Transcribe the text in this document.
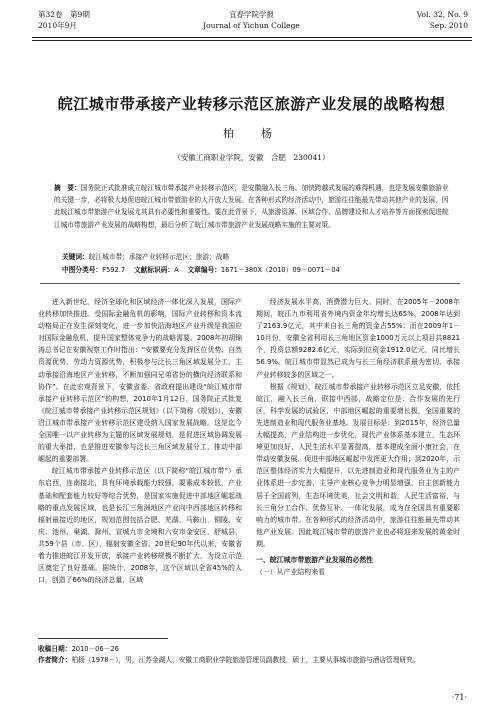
第32卷　第9期
2010年9月
宜春学院学报
Journal of Yichun College
Vol. 32, No. 9
Sep. 2010
皖江城市带承接产业转移示范区旅游产业发展的战略构想
柏　杨
（安徽工商职业学院，安徽　合肥　230041）
摘　要：国务院正式批准成立皖江城市带承接产业转移示范区，是安徽融入长三角、加快跨越式发展的难得机遇，也是发展安徽旅游业的关键一步，必将极大地促进皖江城市带旅游业的大开放大发展。在各种形式的经济活动中，旅游往往能最先带动其他产业的发展，因此皖江城市带旅游产业发展尤其具有必要性和重要性。要在此背景下，从旅游资源、区域合作、品牌建设和人才培养等方面探索促进皖江城市带旅游产业发展的战略构想，最后分析了皖江城市带旅游产业发展战略实施的主要对策。
关键词：皖江城市带；承接产业转移示范区；旅游；战略
中图分类号：F592.7　 文献标识码：A　 文章编号：1671－380X（2010）09－0071－04

进入新世纪，经济全球化和区域经济一体化深入发展，国际产业转移加快推进。受国际金融危机的影响，国际产业转移和资本流动格局正在发生深刻变化，进一步加快沿海地区产业升级是我国应对国际金融危机，提升国家整体竞争力的战略需要。2008年初胡锦涛总书记在安徽视察工作时指出：“安徽要充分发挥区位优势、自然资源优势、劳动力资源优势，积极参与泛长三角区域发展分工，主动承接沿海地区产业转移，不断加强同兄弟省份的横向经济联系和协作”。在此宏观背景下，安徽省委、省政府提出建设“皖江城市带承接产业转移示范区”的构想，2010年1月12日，国务院正式批复《皖江城市带承接产业转移示范区规划》（以下简称《规划》），安徽沿江城市带承接产业转移示范区建设纳入国家发展战略。这是迄今全国唯一以产业转移为主题的区域发展规划，是促进区域协调发展的重大举措，也是推进安徽参与泛长三角区域发展分工，推动中部崛起的重要部署。

皖江城市带承接产业转移示范区（以下简称“皖江城市带”）承东启西，连南接北，具有环境承载能力较强，要素成本较低，产业基础和配套能力较好等综合优势，是国家实施促进中部地区崛起战略的重点发展区域，也是长江三角洲地区产业向中西部地区转移和辐射最接近的地区，规划范围包括合肥、芜湖、马鞍山、铜陵、安庆、池州、巢湖、滁州、宣城九市全境和六安市金安区、舒城县，共59个县（市、区），辐射安徽全省。20世纪90年代以来，安徽省着力推进皖江开发开放，承接产业转移规模不断扩大，为设立示范区奠定了良好基础。据统计，2008年，这个区域以全省45%的人口，创造了66%的经济总量，区域

经济发展水平高，消费潜力巨大。同时，在2005年－2008年期间，皖江九市利用省外境内资金年均增长达65%，2008年达到了2163.9亿元，其中来自长三角的资金占55%；而在2009年1－10月份，安徽全省利用长三角地区资金1000万元以上项目共8821个，投资总额9282.6亿元，实际到位资金1912.0亿元，同比增长56.9%。皖江城市带显然已成为与长三角经济联系最为密切、承接产业转移较多的区域之一。

根据《规划》，皖江城市带承接产业转移示范区立足安徽，依托皖江，融入长三角，联接中西部，战略定位是：合作发展的先行区，科学发展的试验区，中部地区崛起的重要增长极，全国重要的先进制造业和现代服务业基地。发展目标是：到2015年，经济总量大幅提高，产业结构进一步优化，现代产业体系基本建立，生态环境更加良好，人民生活水平显著提高，基本建成全面小康社会，在带动安徽发展、促进中部地区崛起中发挥更大作用；到2020年，示范区整体经济实力大幅提升，以先进制造业和现代服务业为主的产业体系进一步完善，主导产业核心竞争力明显增强，自主创新能力居于全国前列，生态环境优美，社会文明和谐，人民生活富裕，与长三角分工合作、优势互补、一体化发展，成为在全国具有重要影响力的城市带。在各种形式的经济活动中，旅游往往能最先带动其他产业发展。因此皖江城市带的旅游产业也必将迎来发展的黄金时期。

一、皖江城市带旅游产业发展的必然性

（一）从产业结构来看

收稿日期：2010－06－26
作者简介：柏杨（1978－），男，江苏金湖人，安徽工商职业学院旅游管理员副教授，硕士，主要从事城市旅游与酒店管理研究。
·71·
